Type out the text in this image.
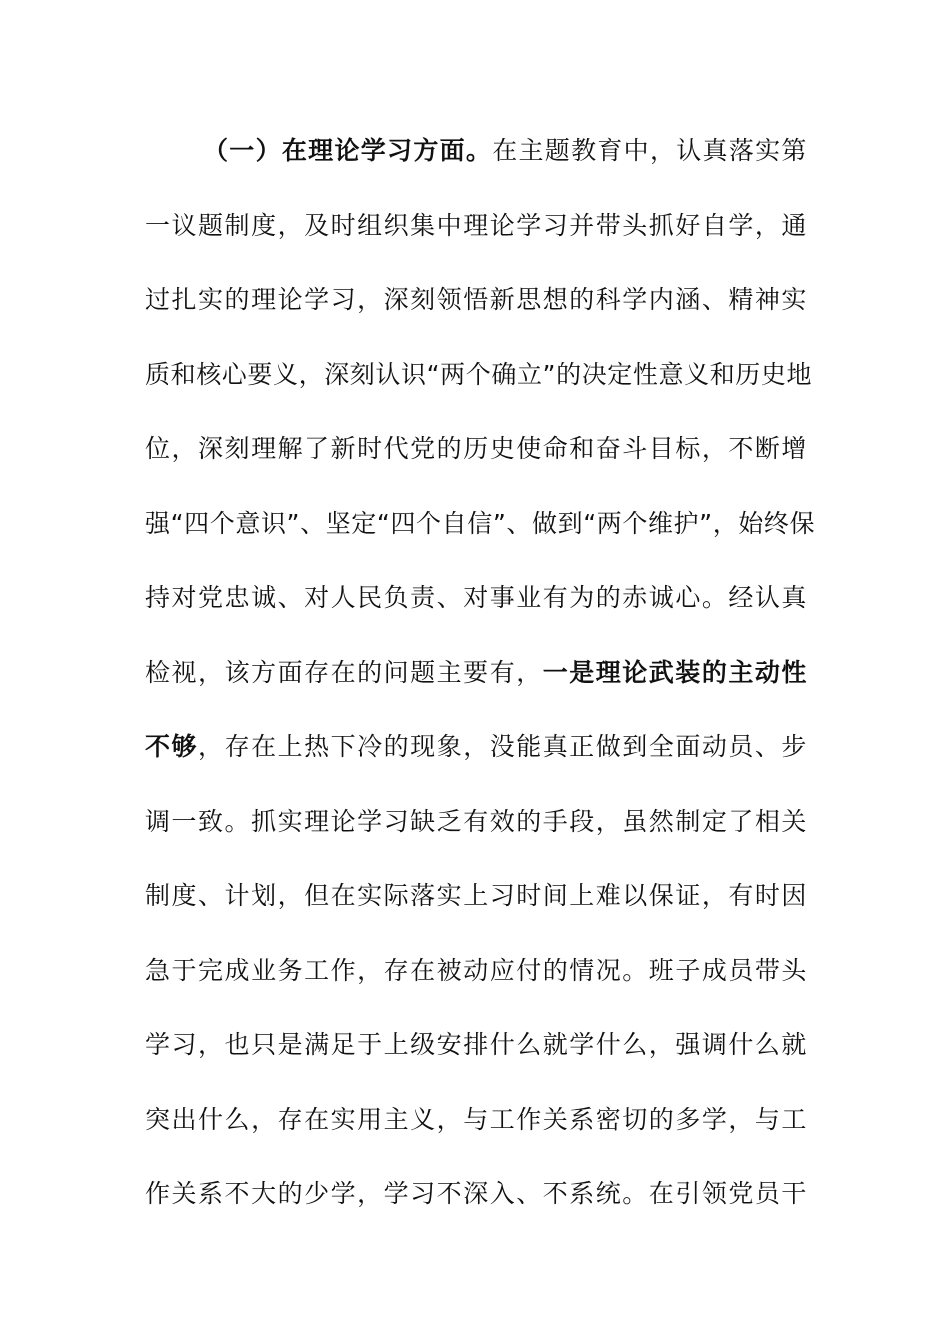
（一）在理论学习方面。在主题教育中，认真落实第
一议题制度，及时组织集中理论学习并带头抓好自学，通
过扎实的理论学习，深刻领悟新思想的科学内涵、精神实
质和核心要义，深刻认识“两个确立”的决定性意义和历史地
位，深刻理解了新时代党的历史使命和奋斗目标，不断增
强“四个意识”、坚定“四个自信”、做到“两个维护”，始终保
持对党忠诚、对人民负责、对事业有为的赤诚心。经认真
检视，该方面存在的问题主要有，一是理论武装的主动性
不够，存在上热下冷的现象，没能真正做到全面动员、步
调一致。抓实理论学习缺乏有效的手段，虽然制定了相关
制度、计划，但在实际落实上习时间上难以保证，有时因
急于完成业务工作，存在被动应付的情况。班子成员带头
学习，也只是满足于上级安排什么就学什么，强调什么就
突出什么，存在实用主义，与工作关系密切的多学，与工
作关系不大的少学，学习不深入、不系统。在引领党员干
